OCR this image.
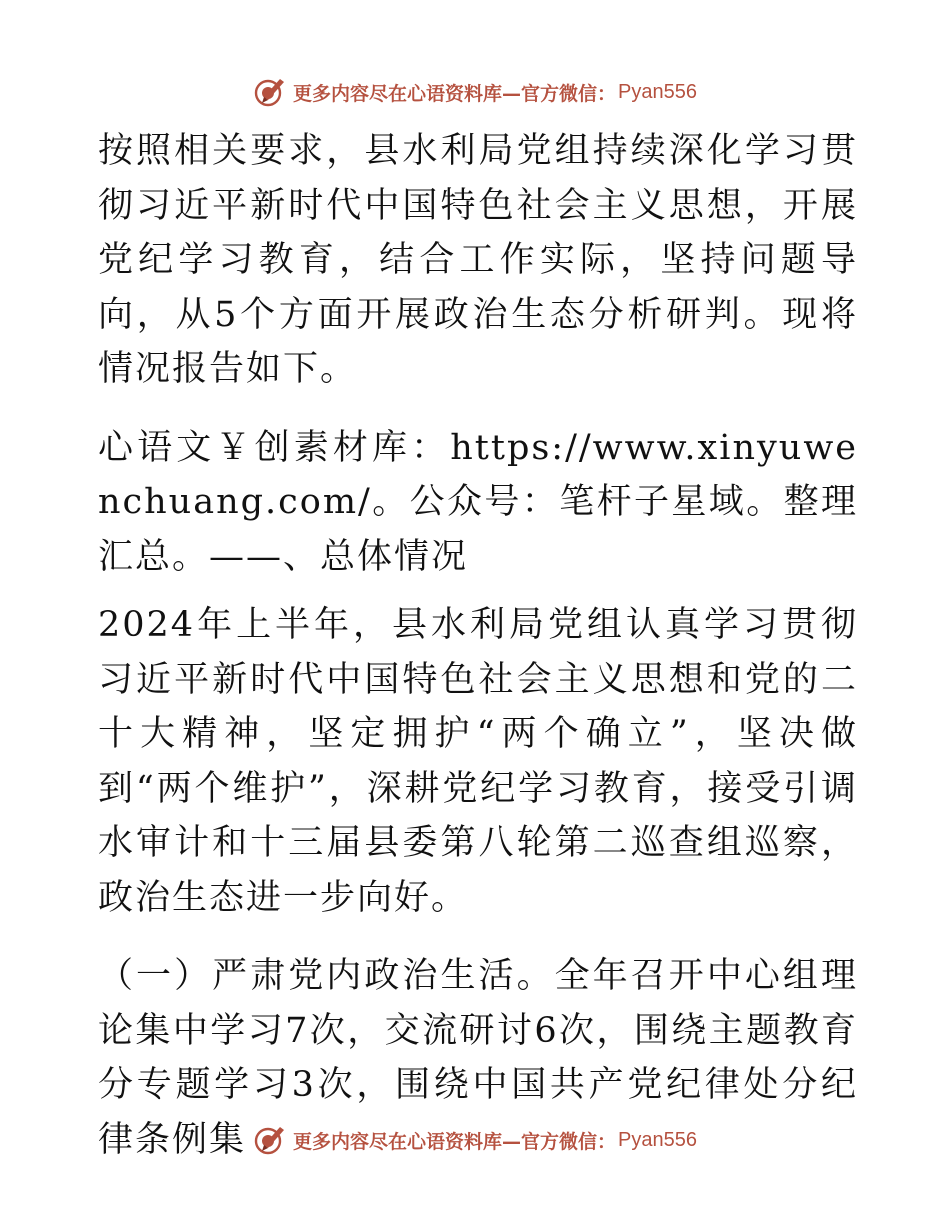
更多内容尽在心语资料库—官方微信： Pyan556

按照相关要求，县水利局党组持续深化学习贯彻习近平新时代中国特色社会主义思想，开展党纪学习教育，结合工作实际，坚持问题导向，从5个方面开展政治生态分析研判。现将情况报告如下。

心语文￥创素材库：https://www.xinyuwenchuang.com/。公众号：笔杆子星域。整理汇总。——、总体情况

2024年上半年，县水利局党组认真学习贯彻习近平新时代中国特色社会主义思想和党的二十大精神，坚定拥护“两个确立”，坚决做到“两个维护”，深耕党纪学习教育，接受引调水审计和十三届县委第八轮第二巡查组巡察，政治生态进一步向好。

（一）严肃党内政治生活。全年召开中心组理论集中学习7次，交流研讨6次，围绕主题教育分专题学习3次，围绕中国共产党纪律处分纪律条例集	更多内容尽在心语资料库—官方微信： Pyan556
